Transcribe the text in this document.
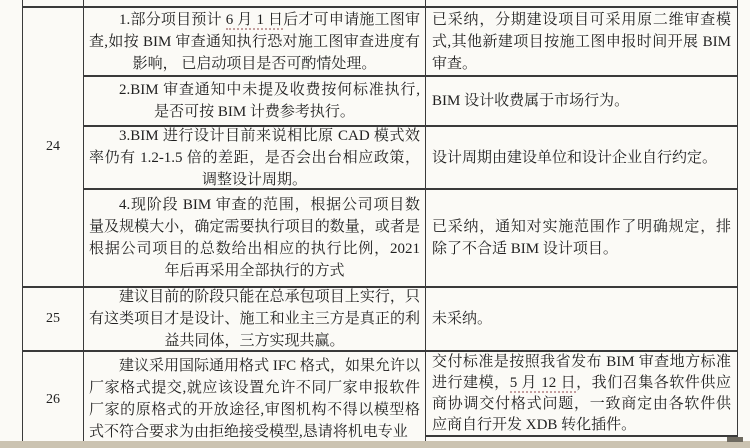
24

1.部分项目预计 6 月 1 日后才可申请施工图审查,如按 BIM 审查通知执行恐对施工图审查进度有影响， 已启动项目是否可酌情处理。

已采纳，分期建设项目可采用原二维审查模式,其他新建项目按施工图申报时间开展 BIM 审查。

2.BIM 审查通知中未提及收费按何标准执行,是否可按 BIM 计费参考执行。

BIM 设计收费属于市场行为。

3.BIM 进行设计目前来说相比原 CAD 模式效率仍有 1.2-1.5 倍的差距，是否会出台相应政策，调整设计周期。

设计周期由建设单位和设计企业自行约定。

4.现阶段 BIM 审查的范围，根据公司项目数量及规模大小，确定需要执行项目的数量，或者是根据公司项目的总数给出相应的执行比例，2021 年后再采用全部执行的方式

已采纳，通知对实施范围作了明确规定，排除了不合适 BIM 设计项目。

25

建议目前的阶段只能在总承包项目上实行，只有这类项目才是设计、施工和业主三方是真正的利益共同体，三方实现共赢。

未采纳。

26

建议采用国际通用格式 IFC 格式，如果允许以厂家格式提交,就应该设置允许不同厂家申报软件厂家的原格式的开放途径,审图机构不得以模型格式不符合要求为由拒绝接受模型,恳请将机电专业

交付标准是按照我省发布 BIM 审查地方标准进行建模，5 月 12 日，我们召集各软件供应商协调交付格式问题，一致商定由各软件供应商自行开发 XDB 转化插件。
